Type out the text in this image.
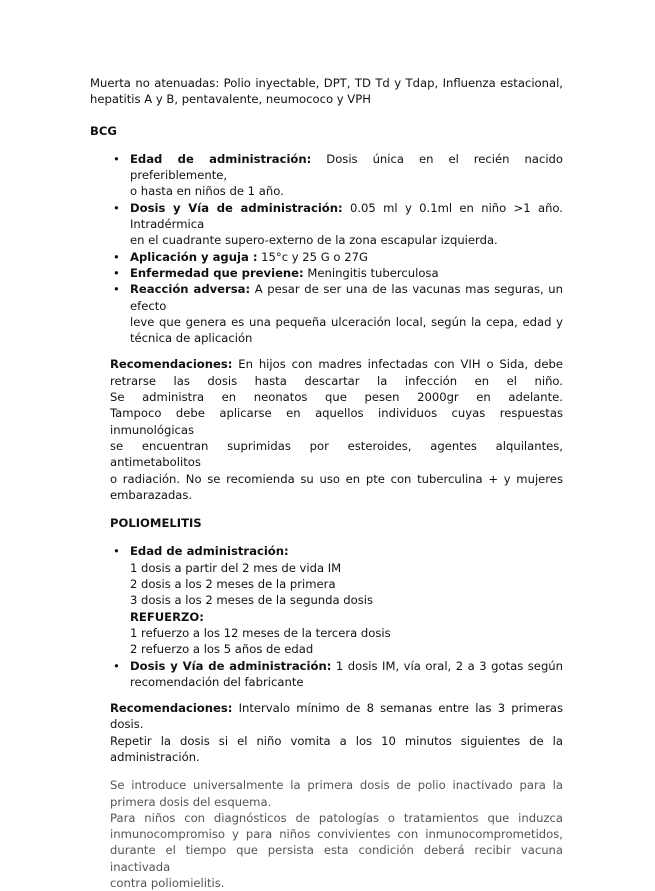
Muerta no atenuadas: Polio inyectable, DPT, TD Td y Tdap, Influenza estacional,

hepatitis A y B, pentavalente, neumococo y VPH

BCG

• Edad de administración: Dosis única en el recién nacido preferiblemente,

o hasta en niños de 1 año.

• Dosis y Vía de administración: 0.05 ml y 0.1ml en niño >1 año. Intradérmica

en el cuadrante supero-externo de la zona escapular izquierda.

• Aplicación y aguja : 15°c y 25 G o 27G

• Enfermedad que previene: Meningitis tuberculosa

• Reacción adversa: A pesar de ser una de las vacunas mas seguras, un efecto

leve que genera es una pequeña ulceración local, según la cepa, edad y

técnica de aplicación

Recomendaciones: En hijos con madres infectadas con VIH o Sida, debe

retrarse las dosis hasta descartar la infección en el niño.

Se administra en neonatos que pesen 2000gr en adelante.

Tampoco debe aplicarse en aquellos individuos cuyas respuestas inmunológicas

se encuentran suprimidas por esteroides, agentes alquilantes, antimetabolitos

o radiación. No se recomienda su uso en pte con tuberculina + y mujeres

embarazadas.

POLIOMELITIS

• Edad de administración:

1 dosis a partir del 2 mes de vida IM

2 dosis a los 2 meses de la primera

3 dosis a los 2 meses de la segunda dosis

REFUERZO:

1 refuerzo a los 12 meses de la tercera dosis

2 refuerzo a los 5 años de edad

• Dosis y Vía de administración: 1 dosis IM, vía oral, 2 a 3 gotas según

recomendación del fabricante

Recomendaciones: Intervalo mínimo de 8 semanas entre las 3 primeras dosis.

Repetir la dosis si el niño vomita a los 10 minutos siguientes de la

administración.

Se introduce universalmente la primera dosis de polio inactivado para la

primera dosis del esquema.

Para niños con diagnósticos de patologías o tratamientos que induzca

inmunocompromiso y para niños convivientes con inmunocomprometidos,

durante el tiempo que persista esta condición deberá recibir vacuna inactivada

contra poliomielitis.
